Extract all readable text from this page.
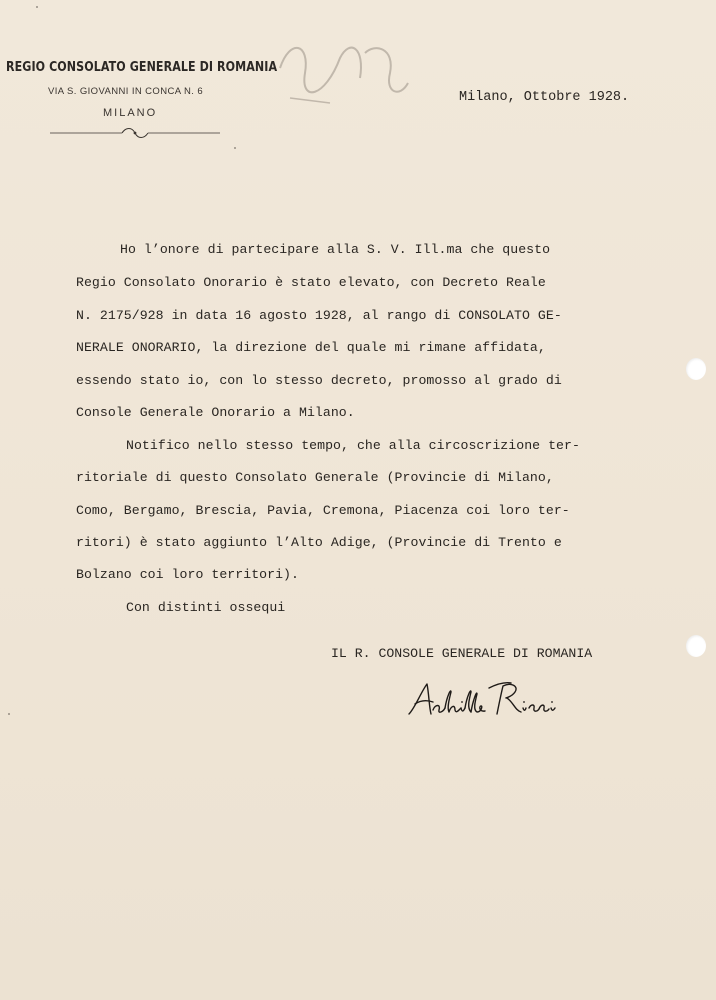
REGIO CONSOLATO GENERALE DI ROMANIA
VIA S. GIOVANNI IN CONCA N. 6
MILANO
Milano, Ottobre 1928.
Ho l’onore di partecipare alla S. V. Ill.ma che questo
Regio Consolato Onorario è stato elevato, con Decreto Reale
N. 2175/928 in data 16 agosto 1928, al rango di CONSOLATO GE-
NERALE ONORARIO, la direzione del quale mi rimane affidata,
essendo stato io, con lo stesso decreto, promosso al grado di
Console Generale Onorario a Milano.
Notifico nello stesso tempo, che alla circoscrizione ter-
ritoriale di questo Consolato Generale (Provincie di Milano,
Como, Bergamo, Brescia, Pavia, Cremona, Piacenza coi loro ter-
ritori) è stato aggiunto l’Alto Adige, (Provincie di Trento e
Bolzano coi loro territori).
Con distinti ossequi
IL R. CONSOLE GENERALE DI ROMANIA
